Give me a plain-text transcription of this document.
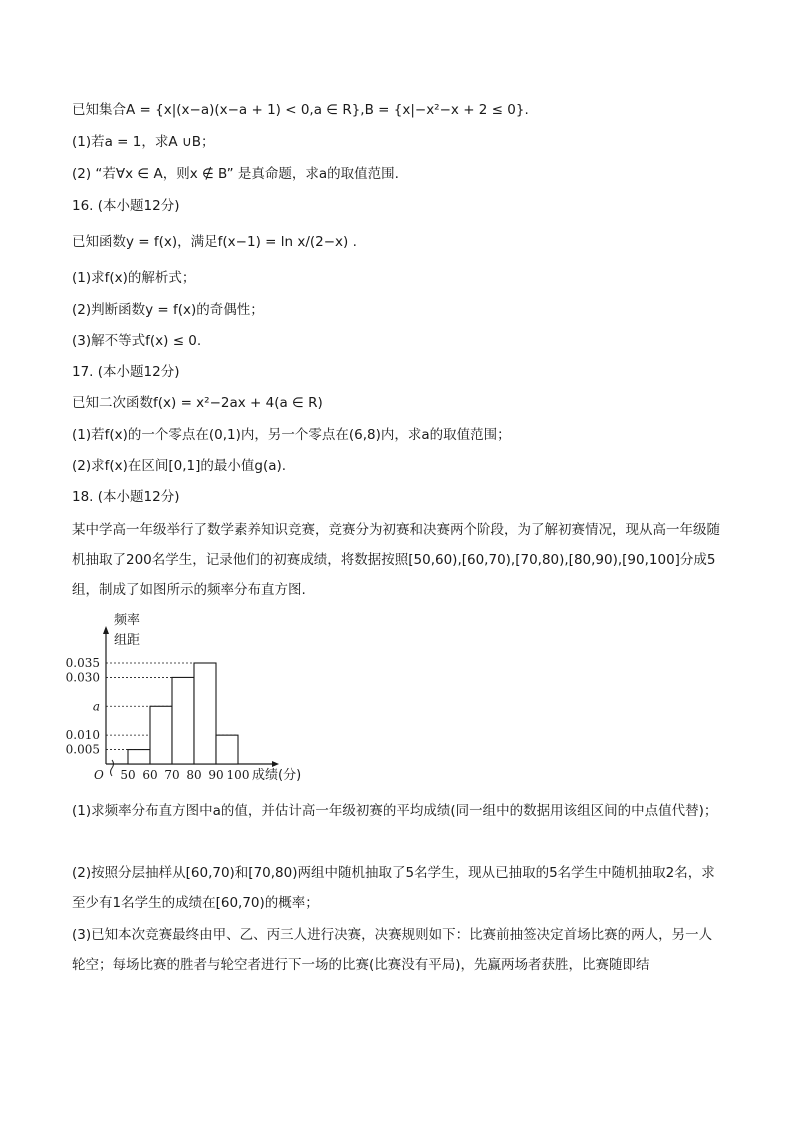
已知集合A = {x|(x−a)(x−a + 1) < 0,a ∈ R},B = {x|−x²−x + 2 ≤ 0}.
(1)若a = 1，求A ∪B；
(2) “若∀x ∈ A，则x ∉ B” 是真命题，求a的取值范围.
16. (本小题12分)
已知函数y = f(x)，满足f(x−1) = ln x/(2−x) .
(1)求f(x)的解析式；
(2)判断函数y = f(x)的奇偶性；
(3)解不等式f(x) ≤ 0.
17. (本小题12分)
已知二次函数f(x) = x²−2ax + 4(a ∈ R)
(1)若f(x)的一个零点在(0,1)内，另一个零点在(6,8)内，求a的取值范围；
(2)求f(x)在区间[0,1]的最小值g(a).
18. (本小题12分)
某中学高一年级举行了数学素养知识竞赛，竞赛分为初赛和决赛两个阶段，为了解初赛情况，现从高一年级随机抽取了200名学生，记录他们的初赛成绩，将数据按照[50,60),[60,70),[70,80),[80,90),[90,100]分成5组，制成了如图所示的频率分布直方图.
频率
组距
0.035
0.030
a
0.010
0.005
O 50 60 70 80 90 100 成绩(分)
(1)求频率分布直方图中a的值，并估计高一年级初赛的平均成绩(同一组中的数据用该组区间的中点值代替)；
(2)按照分层抽样从[60,70)和[70,80)两组中随机抽取了5名学生，现从已抽取的5名学生中随机抽取2名，求至少有1名学生的成绩在[60,70)的概率；
(3)已知本次竞赛最终由甲、乙、丙三人进行决赛，决赛规则如下：比赛前抽签决定首场比赛的两人，另一人轮空；每场比赛的胜者与轮空者进行下一场的比赛(比赛没有平局)，先赢两场者获胜，比赛随即结
